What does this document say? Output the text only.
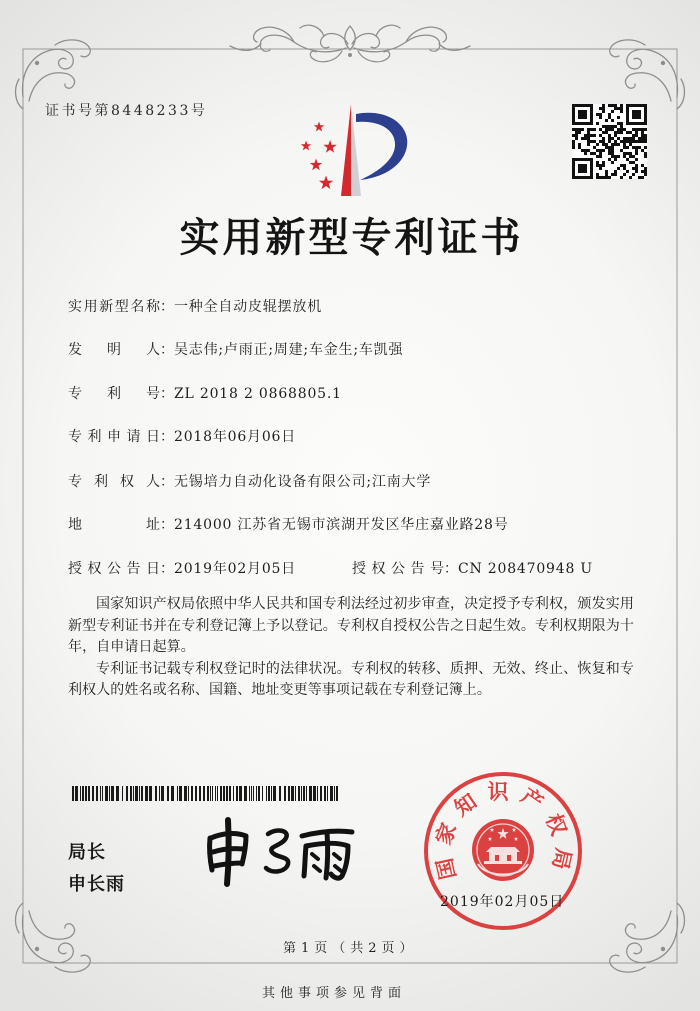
证书号第8448233号
实用新型专利证书
实用新型名称：一种全自动皮辊摆放机
发明人：吴志伟;卢雨正;周建;车金生;车凯强
专利号：ZL 2018 2 0868805.1
专利申请日：2018年06月06日
专利权人：无锡培力自动化设备有限公司;江南大学
地址：214000 江苏省无锡市滨湖开发区华庄嘉业路28号
授权公告日：2019年02月05日	授权公告号：CN 208470948 U

国家知识产权局依照中华人民共和国专利法经过初步审查，决定授予专利权，颁发实用新型专利证书并在专利登记簿上予以登记。专利权自授权公告之日起生效。专利权期限为十年，自申请日起算。

专利证书记载专利权登记时的法律状况。专利权的转移、质押、无效、终止、恢复和专利权人的姓名或名称、国籍、地址变更等事项记载在专利登记簿上。

局长
申长雨
国家知识产权局
2019年02月05日
第1页（共2页）
其他事项参见背面
